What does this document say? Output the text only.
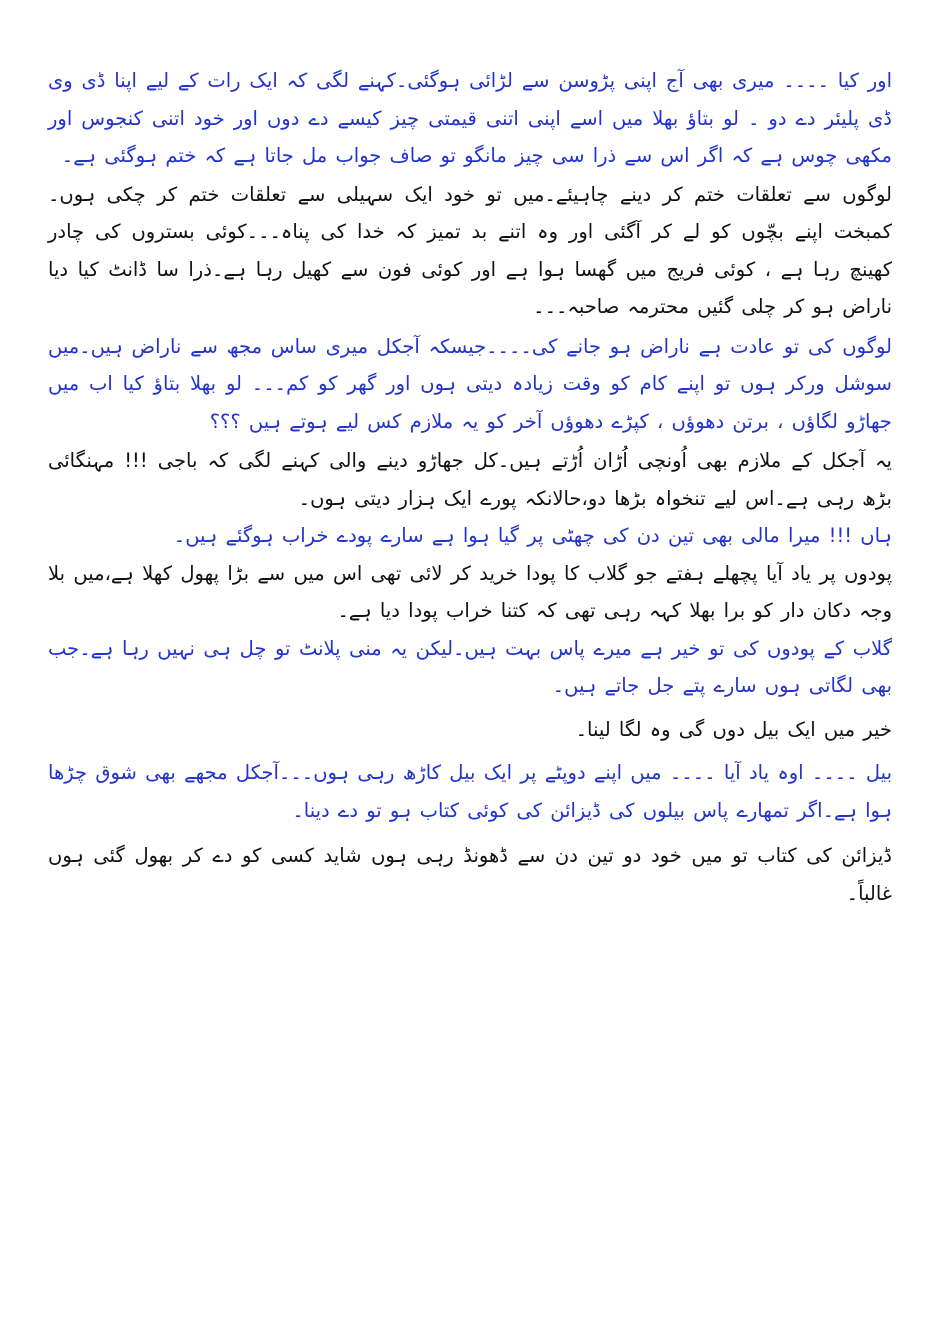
اور کیا ۔۔۔۔ میری بھی آج اپنی پڑوسن سے لڑائی ہوگئی۔کہنے لگی کہ ایک رات کے لیے اپنا ڈی وی ڈی پلیئر دے دو ۔ لو بتاؤ بھلا میں اسے اپنی اتنی قیمتی چیز کیسے دے دوں اور خود اتنی کنجوس اور مکھی چوس ہے کہ اگر اس سے ذرا سی چیز مانگو تو صاف جواب مل جاتا ہے کہ ختم ہوگئی ہے۔

لوگوں سے تعلقات ختم کر دینے چاہیئے۔میں تو خود ایک سہیلی سے تعلقات ختم کر چکی ہوں۔کمبخت اپنے بچّوں کو لے کر آگئی اور وہ اتنے بد تمیز کہ خدا کی پناہ۔۔۔کوئی بستروں کی چادر کھینچ رہا ہے ، کوئی فریج میں گھسا ہوا ہے اور کوئی فون سے کھیل رہا ہے۔ذرا سا ڈانٹ کیا دیا ناراض ہو کر چلی گئیں محترمہ صاحبہ۔۔۔

لوگوں کی تو عادت ہے ناراض ہو جانے کی۔۔۔۔جیسکہ آجکل میری ساس مجھ سے ناراض ہیں۔میں سوشل ورکر ہوں تو اپنے کام کو وقت زیادہ دیتی ہوں اور گھر کو کم۔۔۔ لو بھلا بتاؤ کیا اب میں جھاڑو لگاؤں ، برتن دھوؤں ، کپڑے دھوؤں آخر کو یہ ملازم کس لیے ہوتے ہیں ؟؟؟

یہ آجکل کے ملازم بھی اُونچی اُڑان اُڑتے ہیں۔کل جھاڑو دینے والی کہنے لگی کہ باجی !!! مہنگائی بڑھ رہی ہے۔اس لیے تنخواہ بڑھا دو،حالانکہ پورے ایک ہزار دیتی ہوں۔

ہاں !!! میرا مالی بھی تین دن کی چھٹی پر گیا ہوا ہے سارے پودے خراب ہوگئے ہیں۔

پودوں پر یاد آیا پچھلے ہفتے جو گلاب کا پودا خرید کر لائی تھی اس میں سے بڑا پھول کھلا ہے،میں بلا وجہ دکان دار کو برا بھلا کہہ رہی تھی کہ کتنا خراب پودا دیا ہے۔

گلاب کے پودوں کی تو خیر ہے میرے پاس بہت ہیں۔لیکن یہ منی پلانٹ تو چل ہی نہیں رہا ہے۔جب بھی لگاتی ہوں سارے پتے جل جاتے ہیں۔

خیر میں ایک بیل دوں گی وہ لگا لینا۔

بیل ۔۔۔۔ اوہ یاد آیا ۔۔۔۔ میں اپنے دوپٹے پر ایک بیل کاڑھ رہی ہوں۔۔۔آجکل مجھے بھی شوق چڑھا ہوا ہے۔اگر تمھارے پاس بیلوں کی ڈیزائن کی کوئی کتاب ہو تو دے دینا۔

ڈیزائن کی کتاب تو میں خود دو تین دن سے ڈھونڈ رہی ہوں شاید کسی کو دے کر بھول گئی ہوں غالباً۔
